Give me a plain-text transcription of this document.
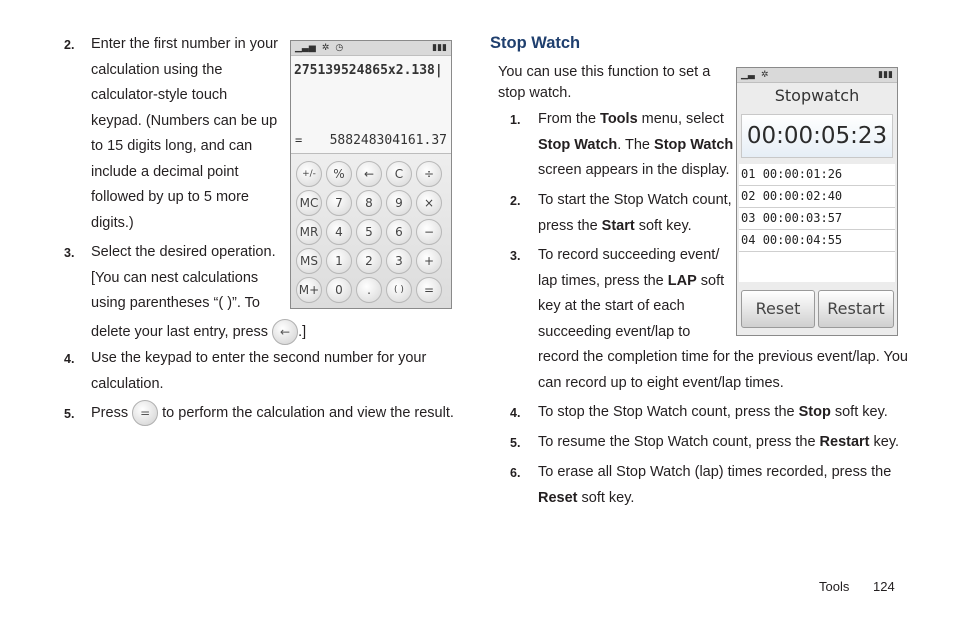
2. Enter the first number in your
calculation using the
calculator-style touch
keypad. (Numbers can be up
to 15 digits long, and can
include a decimal point
followed by up to 5 more
digits.)
3. Select the desired operation.
[You can nest calculations
using parentheses “( )”. To
delete your last entry, press ← .]
4. Use the keypad to enter the second number for your
calculation.
5. Press = to perform the calculation and view the result.
▁▃▅ ✲ ◷	▮▮▮
275139524865x2.138|
= 588248304161.37
+/-	%	←	C	÷
MC	7	8	9	×
MR	4	5	6	−
MS	1	2	3	+
M+	0	.	( )	=
Stop Watch
You can use this function to set a
stop watch.
1. From the Tools menu, select
Stop Watch. The Stop Watch
screen appears in the display.
2. To start the Stop Watch count,
press the Start soft key.
3. To record succeeding event/
lap times, press the LAP soft
key at the start of each
succeeding event/lap to
record the completion time for the previous event/lap. You
can record up to eight event/lap times.
4. To stop the Stop Watch count, press the Stop soft key.
5. To resume the Stop Watch count, press the Restart key.
6. To erase all Stop Watch (lap) times recorded, press the
Reset soft key.
▁▃ ✲	▮▮▮
Stopwatch
00:00:05:23
01 00:00:01:26
02 00:00:02:40
03 00:00:03:57
04 00:00:04:55
Reset	Restart
Tools 124
